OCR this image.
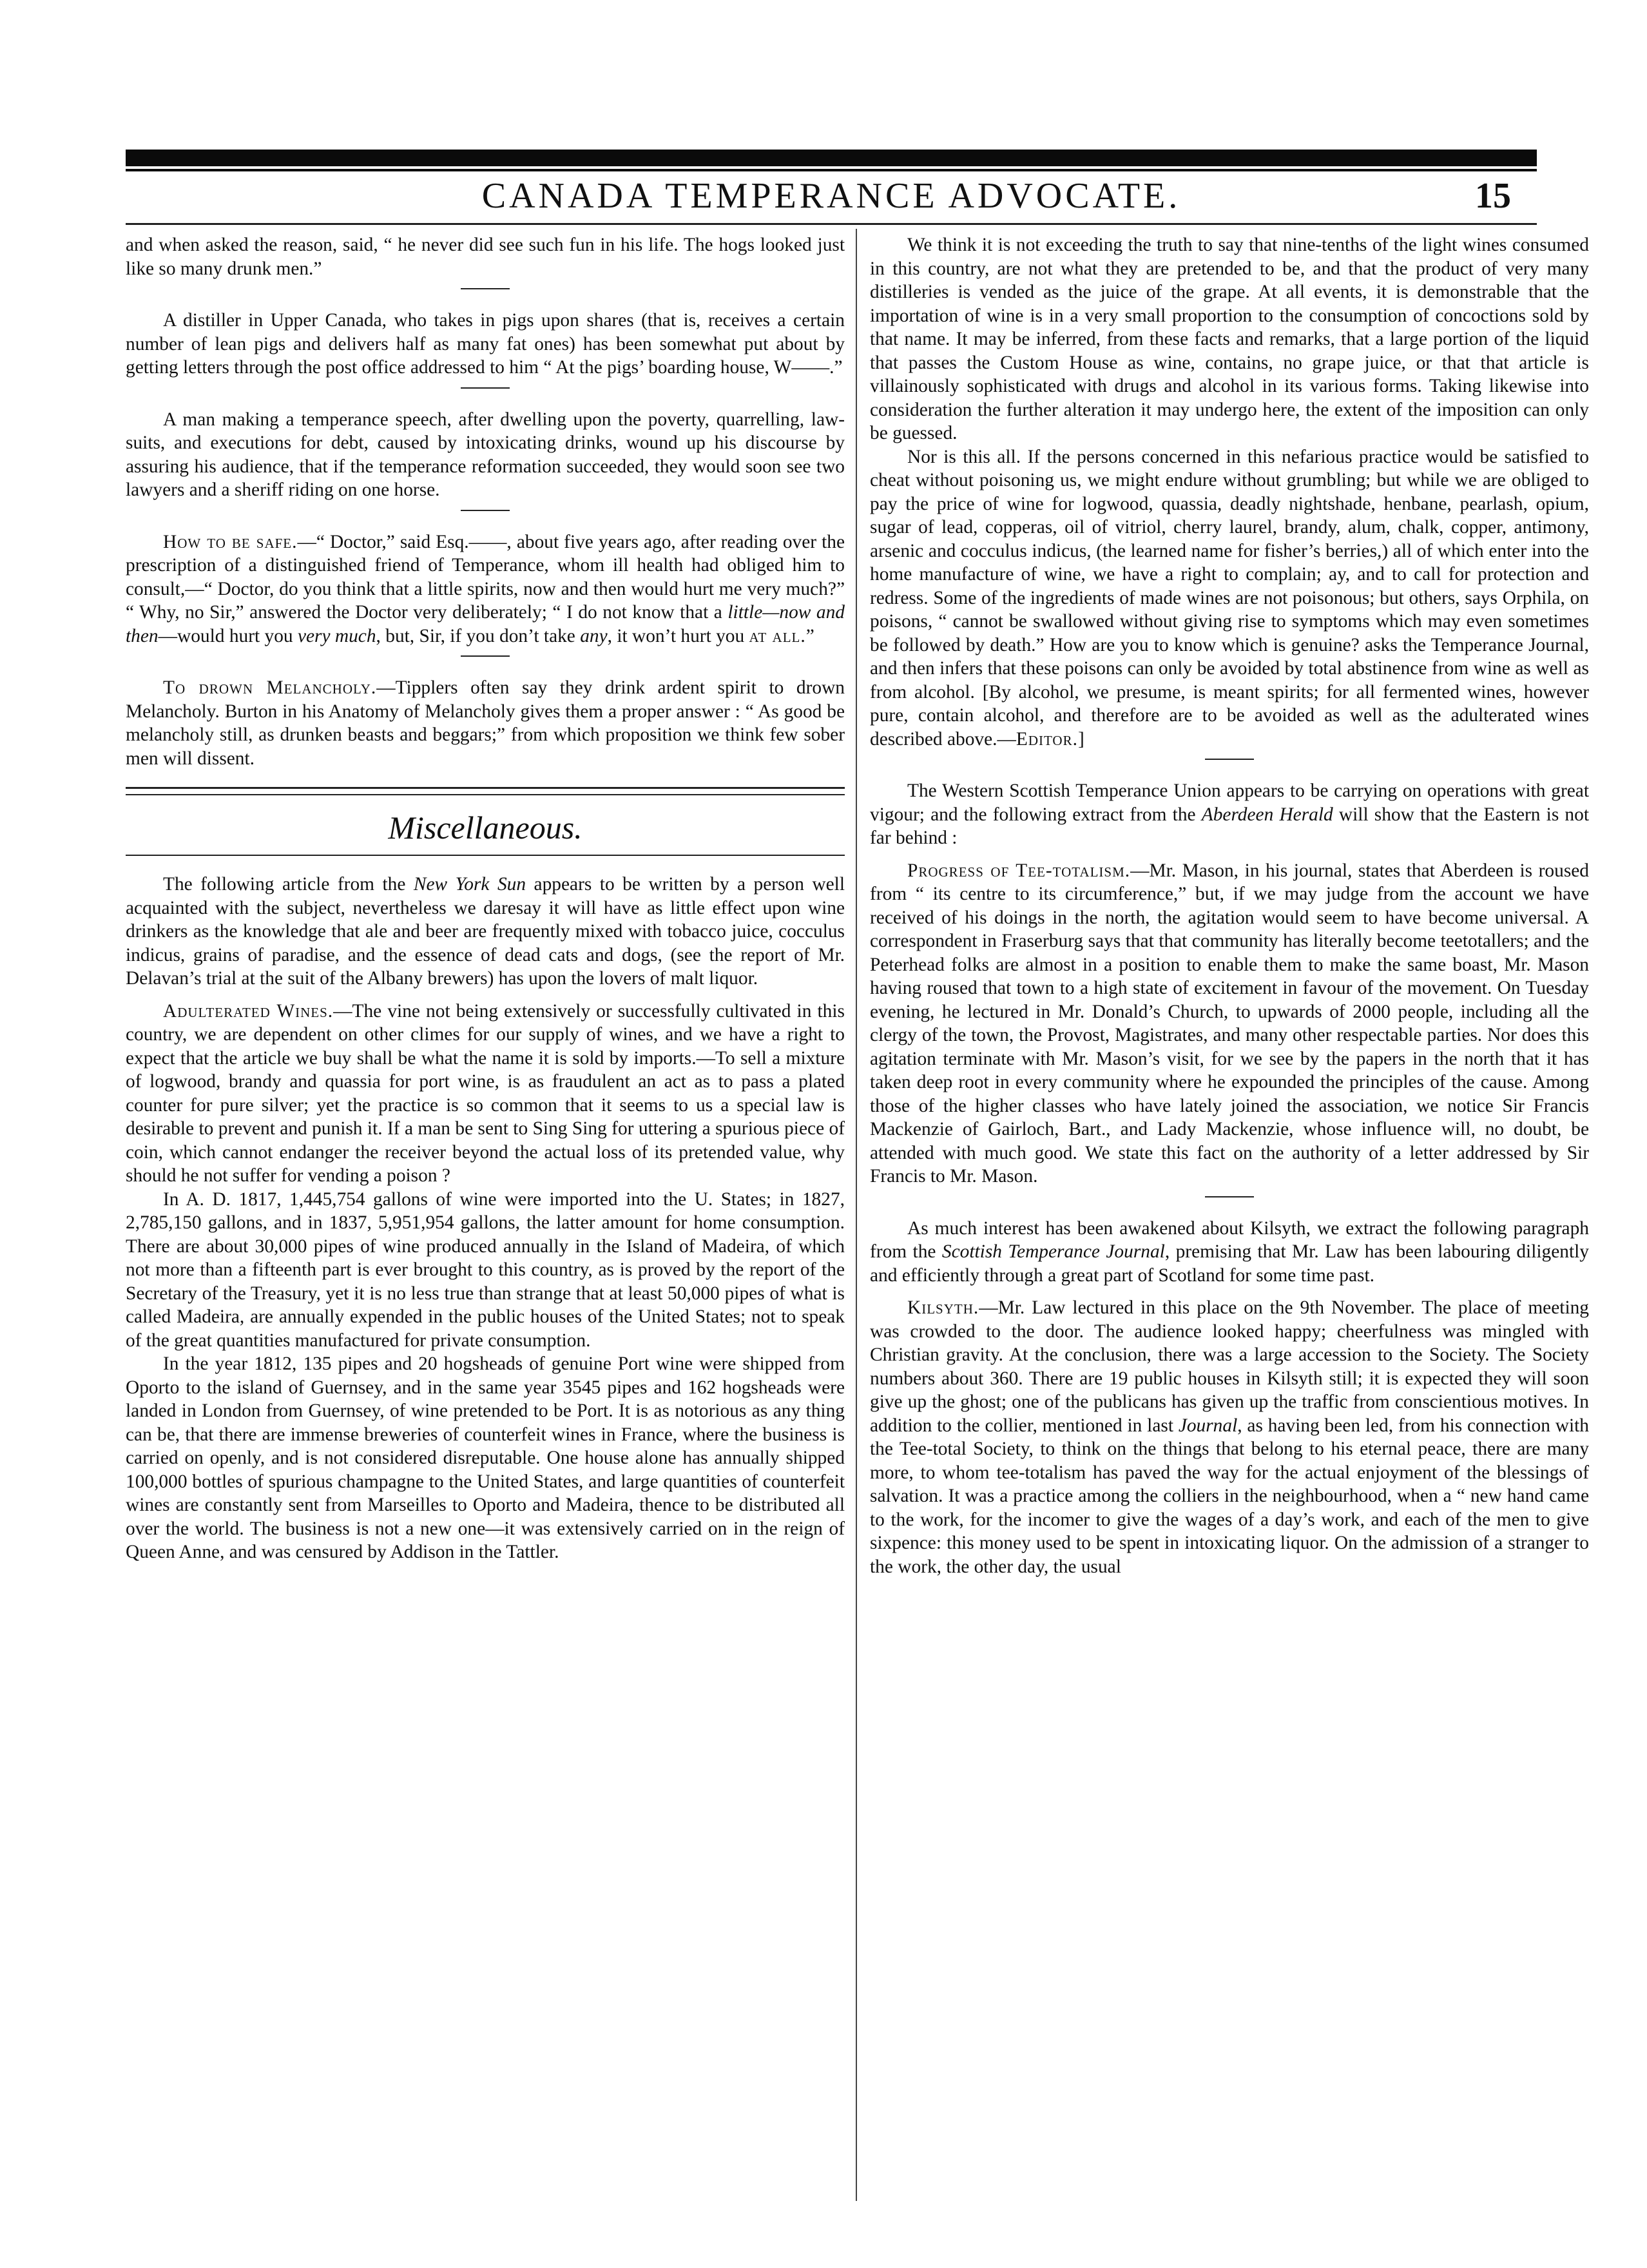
CANADA TEMPERANCE ADVOCATE.	15

and when asked the reason, said, “ he never did see such fun in his life. The hogs looked just like so many drunk men.”

A distiller in Upper Canada, who takes in pigs upon shares (that is, receives a certain number of lean pigs and delivers half as many fat ones) has been somewhat put about by getting letters through the post office addressed to him “ At the pigs’ boarding house, W——.”

A man making a temperance speech, after dwelling upon the poverty, quarrelling, law-suits, and executions for debt, caused by intoxicating drinks, wound up his discourse by assuring his audience, that if the temperance reformation succeeded, they would soon see two lawyers and a sheriff riding on one horse.

How to be safe.—“ Doctor,” said Esq.——, about five years ago, after reading over the prescription of a distinguished friend of Temperance, whom ill health had obliged him to consult,—“ Doctor, do you think that a little spirits, now and then would hurt me very much?” “ Why, no Sir,” answered the Doctor very deliberately; “ I do not know that a little—now and then—would hurt you very much, but, Sir, if you don’t take any, it won’t hurt you at all.”

To drown Melancholy.—Tipplers often say they drink ardent spirit to drown Melancholy. Burton in his Anatomy of Melancholy gives them a proper answer : “ As good be melancholy still, as drunken beasts and beggars;” from which proposition we think few sober men will dissent.

Miscellaneous.

The following article from the New York Sun appears to be written by a person well acquainted with the subject, nevertheless we daresay it will have as little effect upon wine drinkers as the knowledge that ale and beer are frequently mixed with tobacco juice, cocculus indicus, grains of paradise, and the essence of dead cats and dogs, (see the report of Mr. Delavan’s trial at the suit of the Albany brewers) has upon the lovers of malt liquor.

Adulterated Wines.—The vine not being extensively or successfully cultivated in this country, we are dependent on other climes for our supply of wines, and we have a right to expect that the article we buy shall be what the name it is sold by imports.—To sell a mixture of logwood, brandy and quassia for port wine, is as fraudulent an act as to pass a plated counter for pure silver; yet the practice is so common that it seems to us a special law is desirable to prevent and punish it. If a man be sent to Sing Sing for uttering a spurious piece of coin, which cannot endanger the receiver beyond the actual loss of its pretended value, why should he not suffer for vending a poison ?

In A. D. 1817, 1,445,754 gallons of wine were imported into the U. States; in 1827, 2,785,150 gallons, and in 1837, 5,951,954 gallons, the latter amount for home consumption. There are about 30,000 pipes of wine produced annually in the Island of Madeira, of which not more than a fifteenth part is ever brought to this country, as is proved by the report of the Secretary of the Treasury, yet it is no less true than strange that at least 50,000 pipes of what is called Madeira, are annually expended in the public houses of the United States; not to speak of the great quantities manufactured for private consumption.

In the year 1812, 135 pipes and 20 hogsheads of genuine Port wine were shipped from Oporto to the island of Guernsey, and in the same year 3545 pipes and 162 hogsheads were landed in London from Guernsey, of wine pretended to be Port. It is as notorious as any thing can be, that there are immense breweries of counterfeit wines in France, where the business is carried on openly, and is not considered disreputable. One house alone has annually shipped 100,000 bottles of spurious champagne to the United States, and large quantities of counterfeit wines are constantly sent from Marseilles to Oporto and Madeira, thence to be distributed all over the world. The business is not a new one—it was extensively carried on in the reign of Queen Anne, and was censured by Addison in the Tattler.

We think it is not exceeding the truth to say that nine-tenths of the light wines consumed in this country, are not what they are pretended to be, and that the product of very many distilleries is vended as the juice of the grape. At all events, it is demonstrable that the importation of wine is in a very small proportion to the consumption of concoctions sold by that name. It may be inferred, from these facts and remarks, that a large portion of the liquid that passes the Custom House as wine, contains, no grape juice, or that that article is villainously sophisticated with drugs and alcohol in its various forms. Taking likewise into consideration the further alteration it may undergo here, the extent of the imposition can only be guessed.

Nor is this all. If the persons concerned in this nefarious practice would be satisfied to cheat without poisoning us, we might endure without grumbling; but while we are obliged to pay the price of wine for logwood, quassia, deadly nightshade, henbane, pearlash, opium, sugar of lead, copperas, oil of vitriol, cherry laurel, brandy, alum, chalk, copper, antimony, arsenic and cocculus indicus, (the learned name for fisher’s berries,) all of which enter into the home manufacture of wine, we have a right to complain; ay, and to call for protection and redress. Some of the ingredients of made wines are not poisonous; but others, says Orphila, on poisons, “ cannot be swallowed without giving rise to symptoms which may even sometimes be followed by death.” How are you to know which is genuine? asks the Temperance Journal, and then infers that these poisons can only be avoided by total abstinence from wine as well as from alcohol. [By alcohol, we presume, is meant spirits; for all fermented wines, however pure, contain alcohol, and therefore are to be avoided as well as the adulterated wines described above.—Editor.]

The Western Scottish Temperance Union appears to be carrying on operations with great vigour; and the following extract from the Aberdeen Herald will show that the Eastern is not far behind :

Progress of Tee-totalism.—Mr. Mason, in his journal, states that Aberdeen is roused from “ its centre to its circumference,” but, if we may judge from the account we have received of his doings in the north, the agitation would seem to have become universal. A correspondent in Fraserburg says that that community has literally become teetotallers; and the Peterhead folks are almost in a position to enable them to make the same boast, Mr. Mason having roused that town to a high state of excitement in favour of the movement. On Tuesday evening, he lectured in Mr. Donald’s Church, to upwards of 2000 people, including all the clergy of the town, the Provost, Magistrates, and many other respectable parties. Nor does this agitation terminate with Mr. Mason’s visit, for we see by the papers in the north that it has taken deep root in every community where he expounded the principles of the cause. Among those of the higher classes who have lately joined the association, we notice Sir Francis Mackenzie of Gairloch, Bart., and Lady Mackenzie, whose influence will, no doubt, be attended with much good. We state this fact on the authority of a letter addressed by Sir Francis to Mr. Mason.

As much interest has been awakened about Kilsyth, we extract the following paragraph from the Scottish Temperance Journal, premising that Mr. Law has been labouring diligently and efficiently through a great part of Scotland for some time past.

Kilsyth.—Mr. Law lectured in this place on the 9th November. The place of meeting was crowded to the door. The audience looked happy; cheerfulness was mingled with Christian gravity. At the conclusion, there was a large accession to the Society. The Society numbers about 360. There are 19 public houses in Kilsyth still; it is expected they will soon give up the ghost; one of the publicans has given up the traffic from conscientious motives. In addition to the collier, mentioned in last Journal, as having been led, from his connection with the Tee-total Society, to think on the things that belong to his eternal peace, there are many more, to whom tee-totalism has paved the way for the actual enjoyment of the blessings of salvation. It was a practice among the colliers in the neighbourhood, when a “ new hand came to the work, for the incomer to give the wages of a day’s work, and each of the men to give sixpence: this money used to be spent in intoxicating liquor. On the admission of a stranger to the work, the other day, the usual
